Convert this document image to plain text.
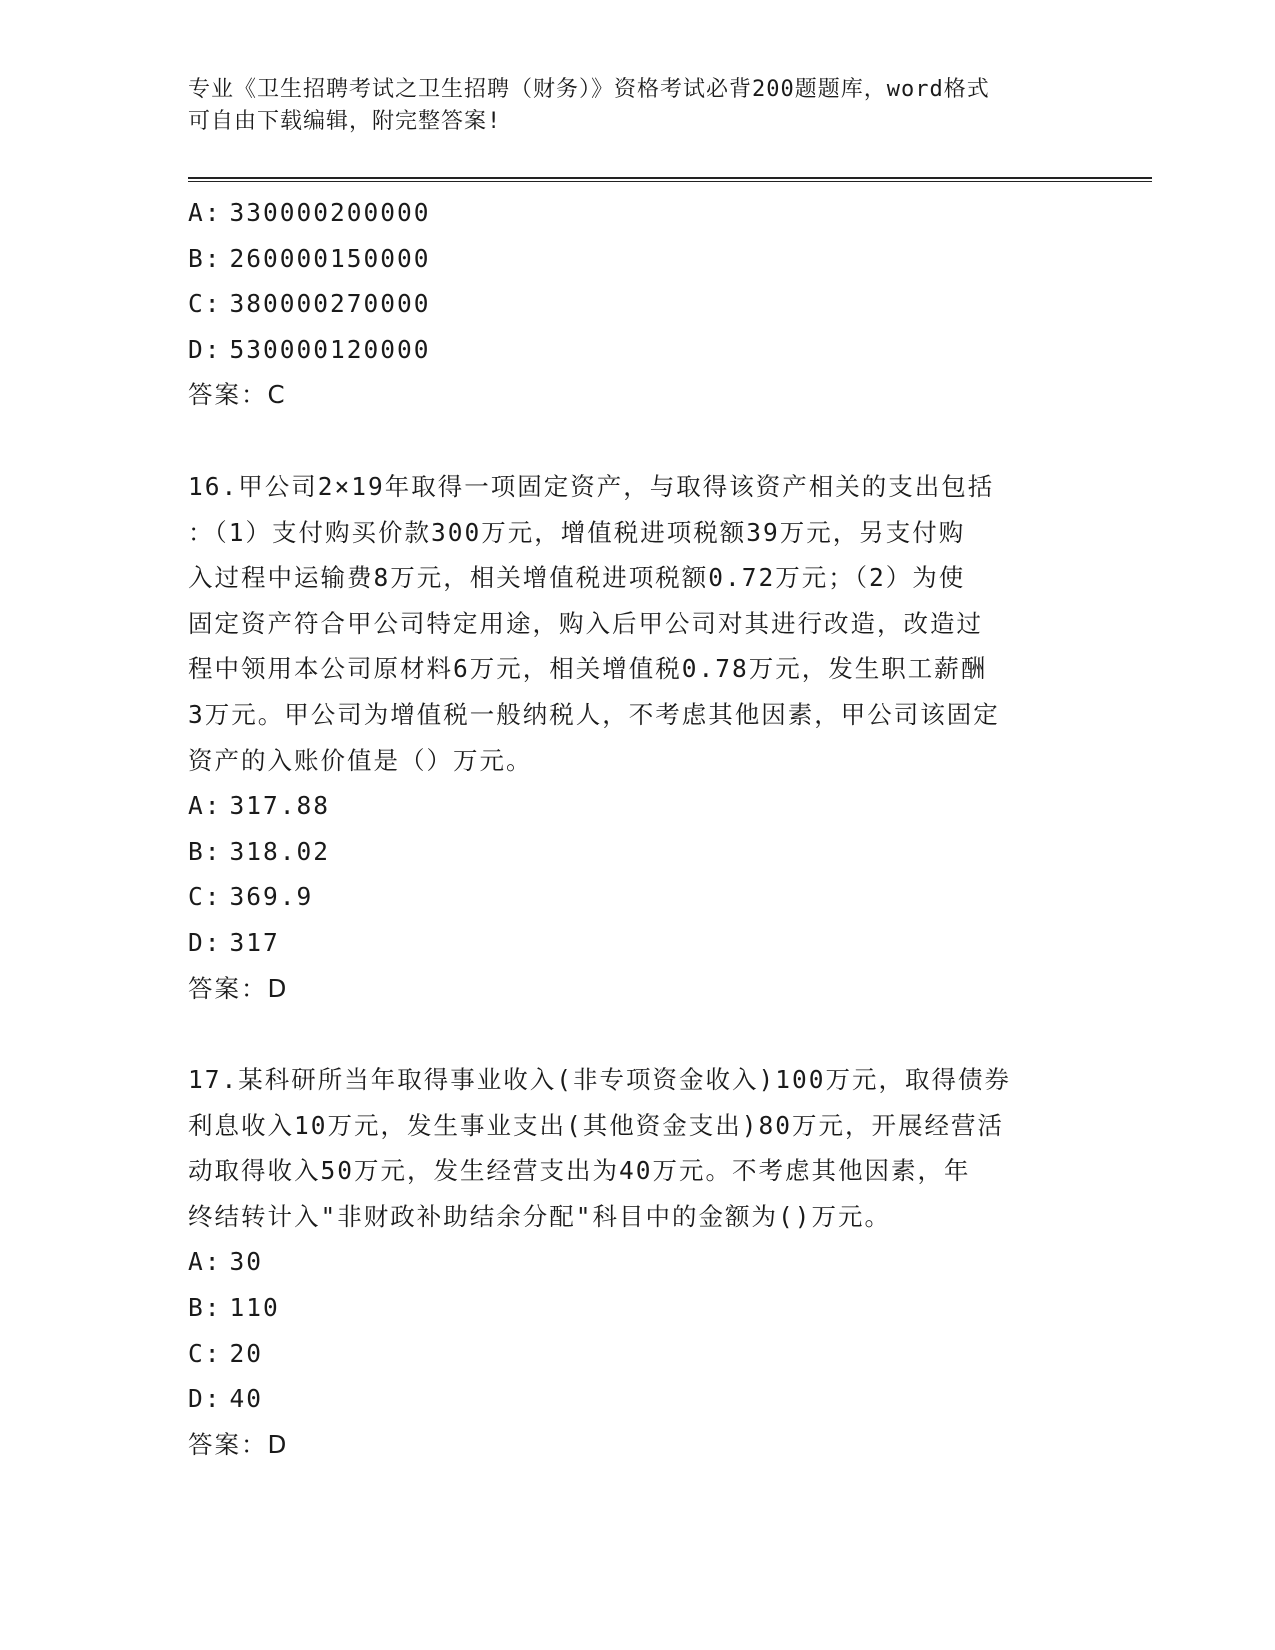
专业《卫生招聘考试之卫生招聘（财务）》资格考试必背200题题库，word格式
可自由下载编辑，附完整答案!

A: 330000200000

B: 260000150000

C: 380000270000

D: 530000120000

答案：C

16.甲公司2×19年取得一项固定资产，与取得该资产相关的支出包括

：（1）支付购买价款300万元，增值税进项税额39万元，另支付购

入过程中运输费8万元，相关增值税进项税额0.72万元；（2）为使

固定资产符合甲公司特定用途，购入后甲公司对其进行改造，改造过

程中领用本公司原材料6万元，相关增值税0.78万元，发生职工薪酬

3万元。甲公司为增值税一般纳税人，不考虑其他因素，甲公司该固定

资产的入账价值是（）万元。

A: 317.88

B: 318.02

C: 369.9

D: 317

答案：D

17.某科研所当年取得事业收入(非专项资金收入)100万元，取得债券

利息收入10万元，发生事业支出(其他资金支出)80万元，开展经营活

动取得收入50万元，发生经营支出为40万元。不考虑其他因素，年

终结转计入"非财政补助结余分配"科目中的金额为()万元。

A: 30

B: 110

C: 20

D: 40

答案：D
